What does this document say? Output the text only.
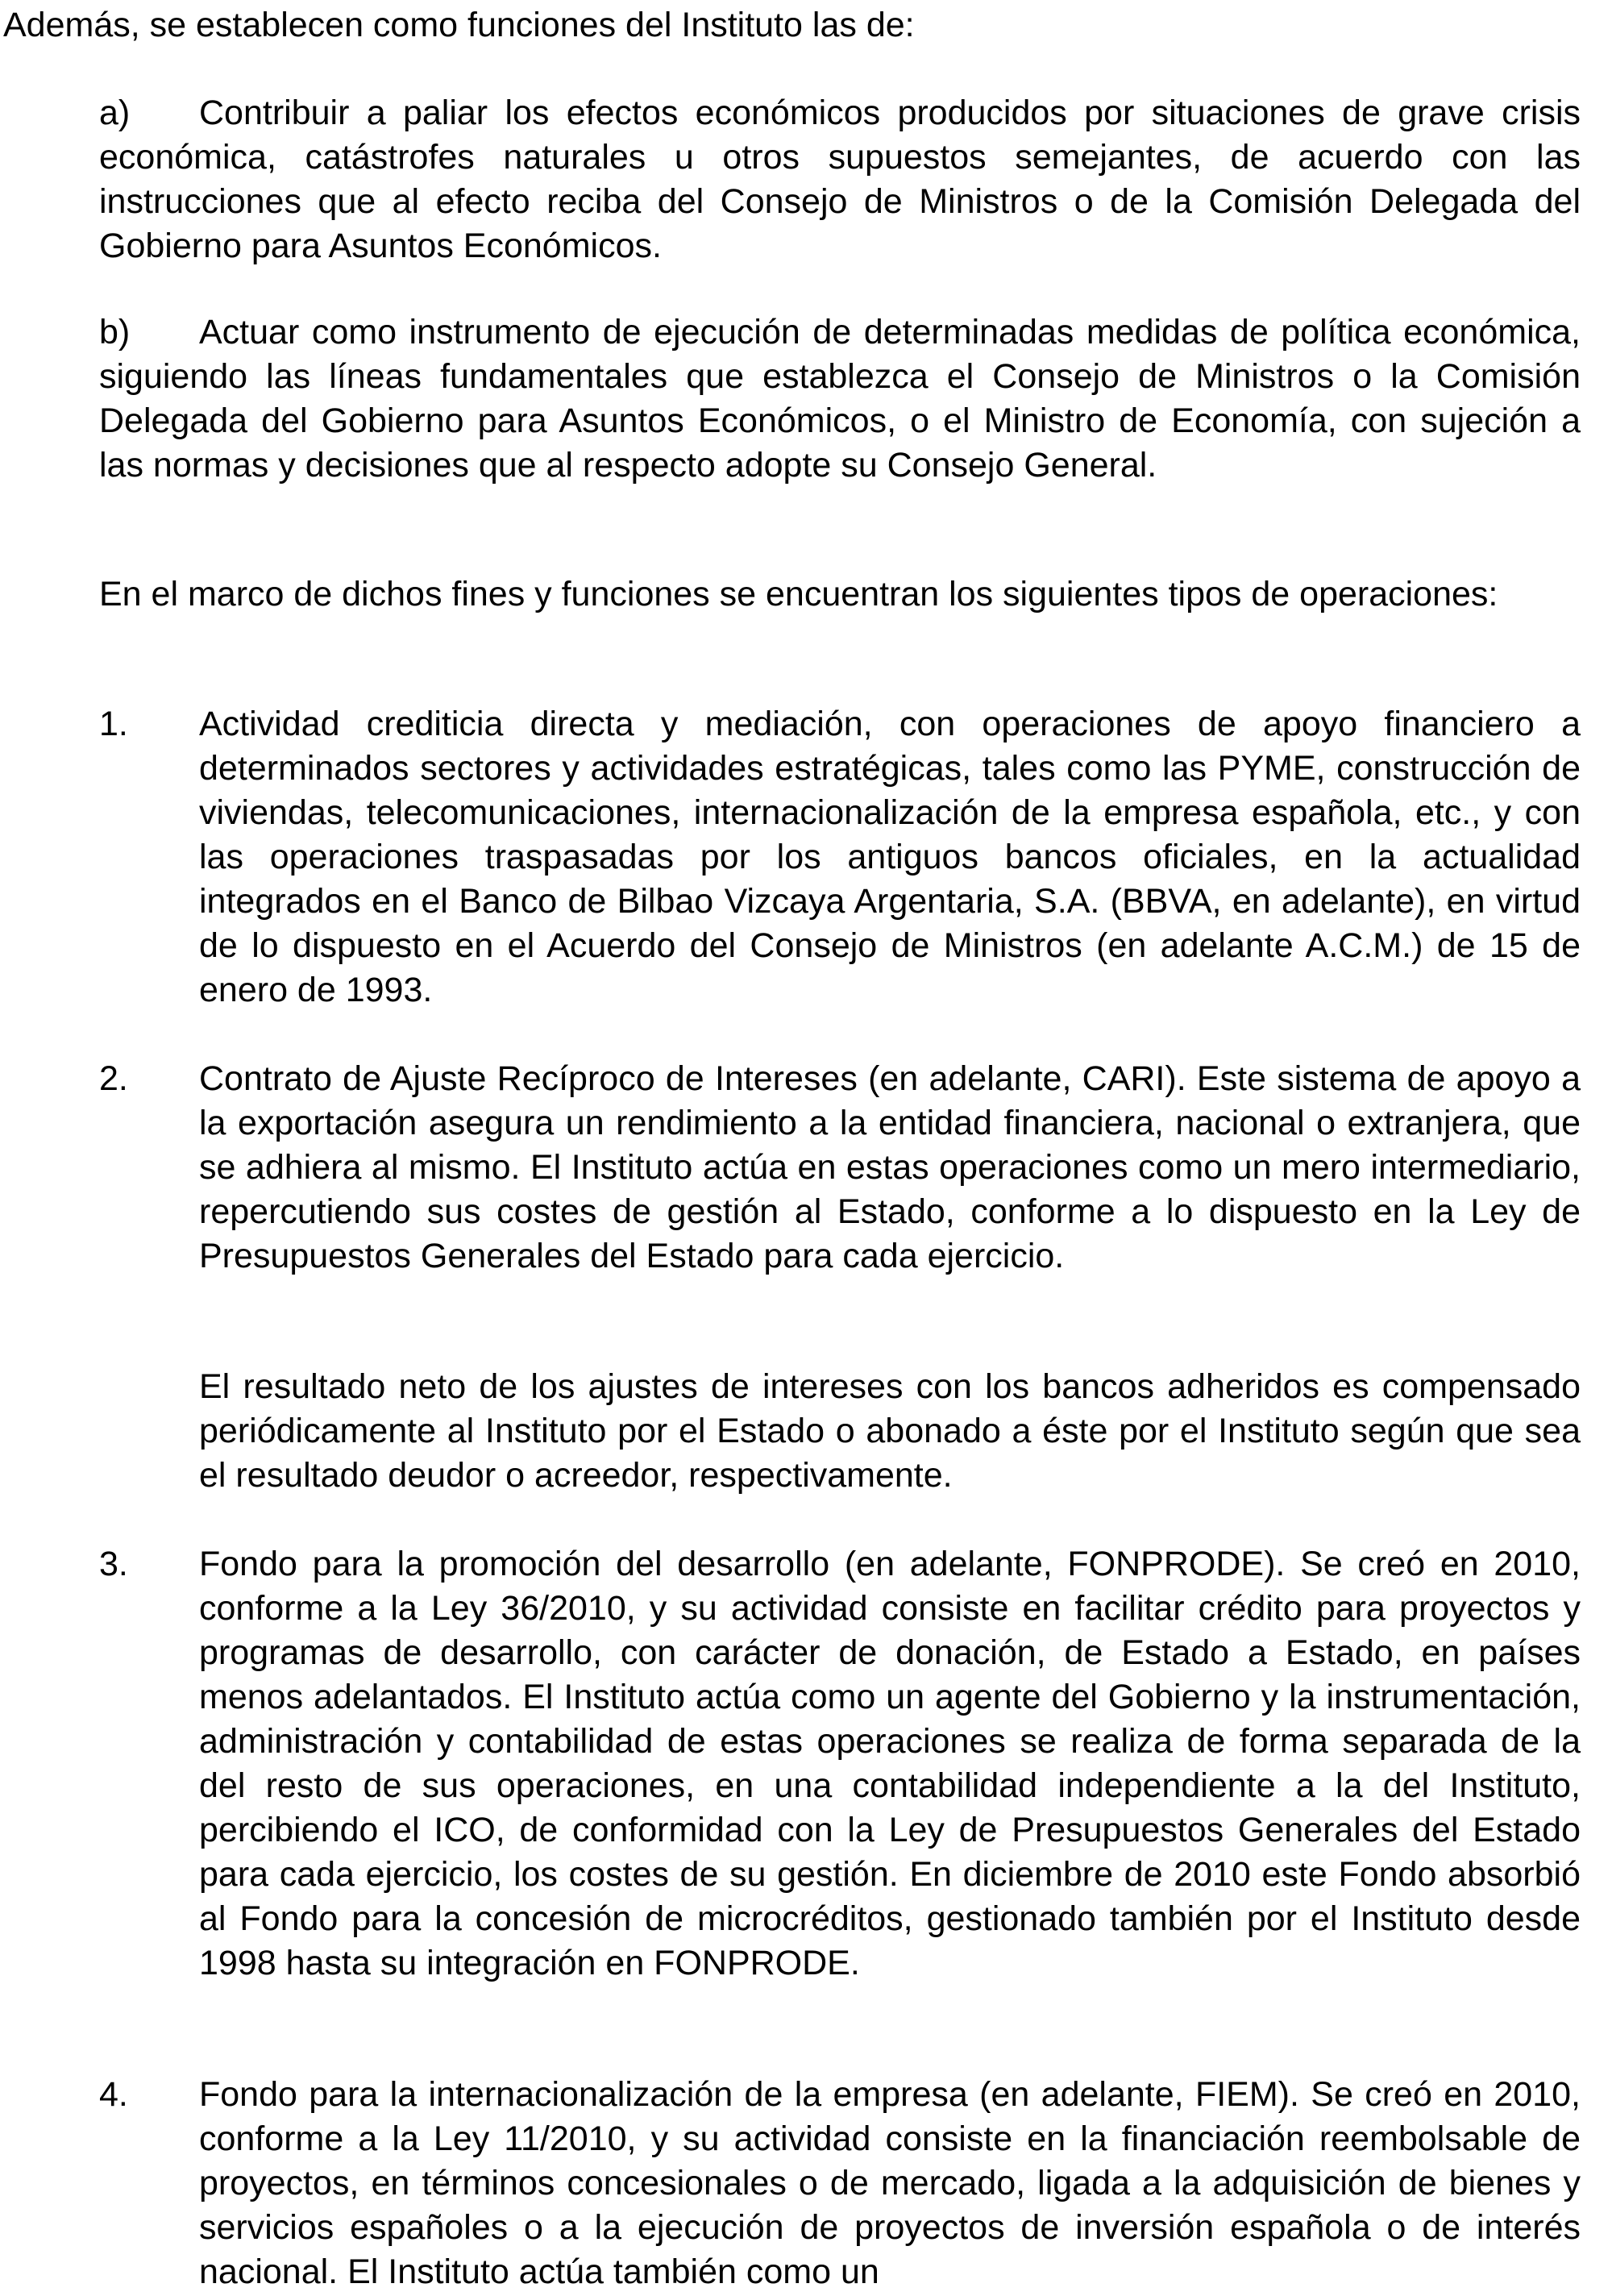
Además, se establecen como funciones del Instituto las de:

a) Contribuir a paliar los efectos económicos producidos por situaciones de grave crisis económica, catástrofes naturales u otros supuestos semejantes, de acuerdo con las instrucciones que al efecto reciba del Consejo de Ministros o de la Comisión Delegada del Gobierno para Asuntos Económicos.

b) Actuar como instrumento de ejecución de determinadas medidas de política económica, siguiendo las líneas fundamentales que establezca el Consejo de Ministros o la Comisión Delegada del Gobierno para Asuntos Económicos, o el Ministro de Economía, con sujeción a las normas y decisiones que al respecto adopte su Consejo General.

En el marco de dichos fines y funciones se encuentran los siguientes tipos de operaciones:

1. Actividad crediticia directa y mediación, con operaciones de apoyo financiero a determinados sectores y actividades estratégicas, tales como las PYME, construcción de viviendas, telecomunicaciones, internacionalización de la empresa española, etc., y con las operaciones traspasadas por los antiguos bancos oficiales, en la actualidad integrados en el Banco de Bilbao Vizcaya Argentaria, S.A. (BBVA, en adelante), en virtud de lo dispuesto en el Acuerdo del Consejo de Ministros (en adelante A.C.M.) de 15 de enero de 1993.

2. Contrato de Ajuste Recíproco de Intereses (en adelante, CARI). Este sistema de apoyo a la exportación asegura un rendimiento a la entidad financiera, nacional o extranjera, que se adhiera al mismo. El Instituto actúa en estas operaciones como un mero intermediario, repercutiendo sus costes de gestión al Estado, conforme a lo dispuesto en la Ley de Presupuestos Generales del Estado para cada ejercicio.

El resultado neto de los ajustes de intereses con los bancos adheridos es compensado periódicamente al Instituto por el Estado o abonado a éste por el Instituto según que sea el resultado deudor o acreedor, respectivamente.

3. Fondo para la promoción del desarrollo (en adelante, FONPRODE). Se creó en 2010, conforme a la Ley 36/2010, y su actividad consiste en facilitar crédito para proyectos y programas de desarrollo, con carácter de donación, de Estado a Estado, en países menos adelantados. El Instituto actúa como un agente del Gobierno y la instrumentación, administración y contabilidad de estas operaciones se realiza de forma separada de la del resto de sus operaciones, en una contabilidad independiente a la del Instituto, percibiendo el ICO, de conformidad con la Ley de Presupuestos Generales del Estado para cada ejercicio, los costes de su gestión. En diciembre de 2010 este Fondo absorbió al Fondo para la concesión de microcréditos, gestionado también por el Instituto desde 1998 hasta su integración en FONPRODE.

4. Fondo para la internacionalización de la empresa (en adelante, FIEM). Se creó en 2010, conforme a la Ley 11/2010, y su actividad consiste en la financiación reembolsable de proyectos, en términos concesionales o de mercado, ligada a la adquisición de bienes y servicios españoles o a la ejecución de proyectos de inversión española o de interés nacional. El Instituto actúa también como un
